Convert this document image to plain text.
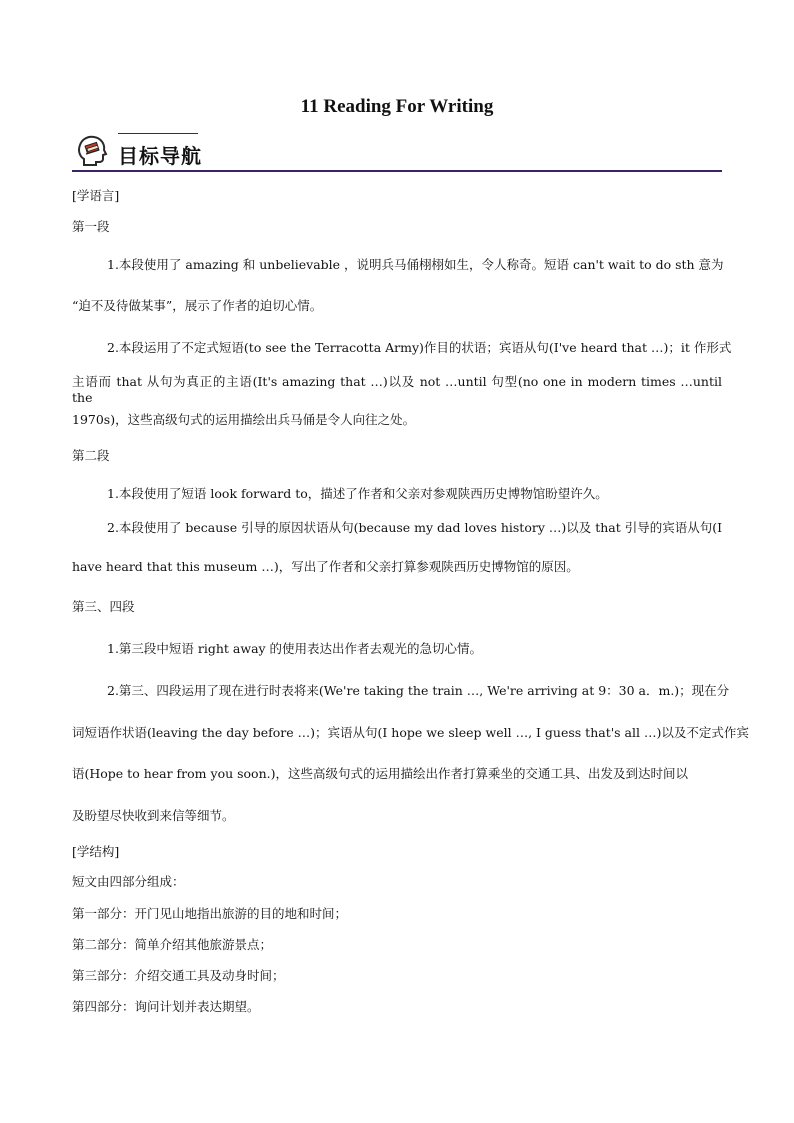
11 Reading For Writing
目标导航

[学语言]

第一段

1.本段使用了 amazing 和 unbelievable ，说明兵马俑栩栩如生，令人称奇。短语 can't wait to do sth 意为

“迫不及待做某事”，展示了作者的迫切心情。

2.本段运用了不定式短语(to see the Terracotta Army)作目的状语；宾语从句(I've heard that …)；it 作形式

主语而 that 从句为真正的主语(It's amazing that …)以及 not …until 句型(no one in modern times …until the

1970s)，这些高级句式的运用描绘出兵马俑是令人向往之处。

第二段

1.本段使用了短语 look forward to，描述了作者和父亲对参观陕西历史博物馆盼望许久。

2.本段使用了 because 引导的原因状语从句(because my dad loves history …)以及 that 引导的宾语从句(I

have heard that this museum …)，写出了作者和父亲打算参观陕西历史博物馆的原因。

第三、四段

1.第三段中短语 right away 的使用表达出作者去观光的急切心情。

2.第三、四段运用了现在进行时表将来(We're taking the train …, We're arriving at 9：30 a．m.)；现在分

词短语作状语(leaving the day before …)；宾语从句(I hope we sleep well …, I guess that's all …)以及不定式作宾

语(Hope to hear from you soon.)，这些高级句式的运用描绘出作者打算乘坐的交通工具、出发及到达时间以

及盼望尽快收到来信等细节。

[学结构]

短文由四部分组成：

第一部分：开门见山地指出旅游的目的地和时间；

第二部分：简单介绍其他旅游景点；

第三部分：介绍交通工具及动身时间；

第四部分：询问计划并表达期望。
